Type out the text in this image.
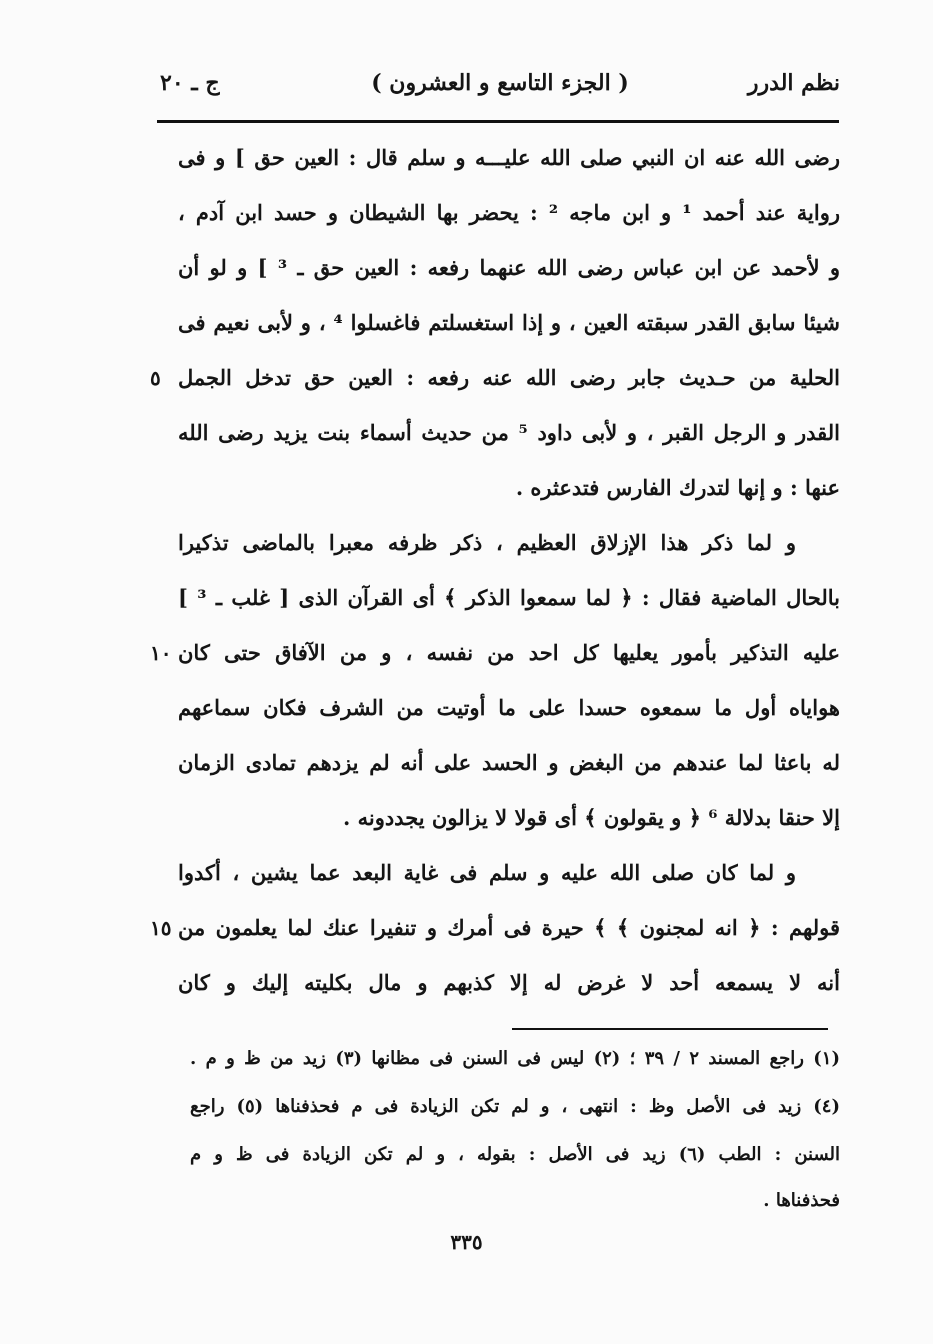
نظم الدرر
( الجزء التاسع و العشرون )
ج ـ ٢٠
رضى الله عنه ان النبي صلى الله عليـــه و سلم قال : العين حق ] و فى
رواية عند أحمد ¹ و ابن ماجه ² : يحضر بها الشيطان و حسد ابن آدم ،
و لأحمد عن ابن عباس رضى الله عنهما رفعه : العين حق ـ ³ ] و لو أن
شيئا سابق القدر سبقته العين ، و إذا استغسلتم فاغسلوا ⁴ ، و لأبى نعيم فى
الحلية من حـديث جابر رضى الله عنه رفعه : العين حق تدخل الجمل
القدر و الرجل القبر ، و لأبى داود ⁵ من حديث أسماء بنت يزيد رضى الله
عنها : و إنها لتدرك الفارس فتدعثره .
و لما ذكر هذا الإزلاق العظيم ، ذكر ظرفه معبرا بالماضى تذكيرا
بالحال الماضية فقال : ﴿ لما سمعوا الذكر ﴾ أى القرآن الذى [ غلب ـ ³ ]
عليه التذكير بأمور يعليها كل احد من نفسه ، و من الآفاق حتى كان
هواياه أول ما سمعوه حسدا على ما أوتيت من الشرف فكان سماعهم
له باعثا لما عندهم من البغض و الحسد على أنه لم يزدهم تمادى الزمان
إلا حنقا بدلالة ⁶ ﴿ و يقولون ﴾ أى قولا لا يزالون يجددونه .
و لما كان صلى الله عليه و سلم فى غاية البعد عما يشين ، أكدوا
قولهم : ﴿ انه لمجنون ﴾ ﴾ حيرة فى أمرك و تنفيرا عنك لما يعلمون من
أنه لا يسمعه أحد لا غرض له إلا كذبهم و مال بكليته إليك و كان
٥
١٠
١٥
(١) راجع المسند ٢ / ٣٩ ؛ (٢) ليس فى السنن فى مظانها (٣) زيد من ظ و م .
(٤) زيد فى الأصل وظ : انتهى ، و لم تكن الزيادة فى م فحذفناها (٥) راجع
السنن : الطب (٦) زيد فى الأصل : بقوله ، و لم تكن الزيادة فى ظ و م
فحذفناها .
٣٣٥
